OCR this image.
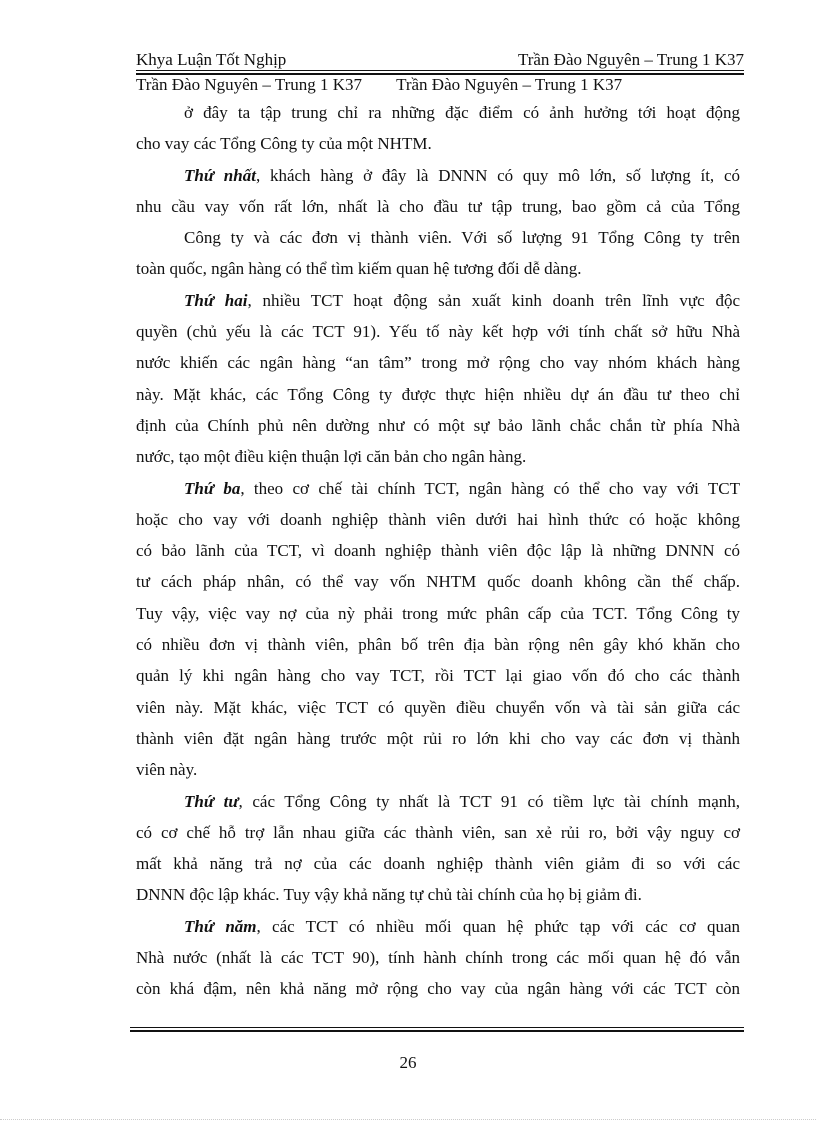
Khya Luận Tốt Nghịp	Trần Đào Nguyên – Trung 1 K37
Trần Đào Nguyên – Trung 1 K37 Trần Đào Nguyên – Trung 1 K37
ở đây ta tập trung chỉ ra những đặc điểm có ảnh hưởng tới hoạt động
cho vay các Tổng Công ty của một NHTM.
Thứ nhất, khách hàng ở đây là DNNN có quy mô lớn, số lượng ít, có
nhu cầu vay vốn rất lớn, nhất là cho đầu tư tập trung, bao gồm cả của Tổng
Công ty và các đơn vị thành viên. Với số lượng 91 Tổng Công ty trên
toàn quốc, ngân hàng có thể tìm kiếm quan hệ tương đối dễ dàng.
Thứ hai, nhiều TCT hoạt động sản xuất kinh doanh trên lĩnh vực độc
quyền (chủ yếu là các TCT 91). Yếu tố này kết hợp với tính chất sở hữu Nhà
nước khiến các ngân hàng “an tâm” trong mở rộng cho vay nhóm khách hàng
này. Mặt khác, các Tổng Công ty được thực hiện nhiều dự án đầu tư theo chỉ
định của Chính phủ nên dường như có một sự bảo lãnh chắc chắn từ phía Nhà
nước, tạo một điều kiện thuận lợi căn bản cho ngân hàng.
Thứ ba, theo cơ chế tài chính TCT, ngân hàng có thể cho vay với TCT
hoặc cho vay với doanh nghiệp thành viên dưới hai hình thức có hoặc không
có bảo lãnh của TCT, vì doanh nghiệp thành viên độc lập là những DNNN có
tư cách pháp nhân, có thể vay vốn NHTM quốc doanh không cần thế chấp.
Tuy vậy, việc vay nợ của nỳ phải trong mức phân cấp của TCT. Tổng Công ty
có nhiều đơn vị thành viên, phân bố trên địa bàn rộng nên gây khó khăn cho
quản lý khi ngân hàng cho vay TCT, rồi TCT lại giao vốn đó cho các thành
viên này. Mặt khác, việc TCT có quyền điều chuyển vốn và tài sản giữa các
thành viên đặt ngân hàng trước một rủi ro lớn khi cho vay các đơn vị thành
viên này.
Thứ tư, các Tổng Công ty nhất là TCT 91 có tiềm lực tài chính mạnh,
có cơ chế hỗ trợ lẫn nhau giữa các thành viên, san xẻ rủi ro, bởi vậy nguy cơ
mất khả năng trả nợ của các doanh nghiệp thành viên giảm đi so với các
DNNN độc lập khác. Tuy vậy khả năng tự chủ tài chính của họ bị giảm đi.
Thứ năm, các TCT có nhiều mối quan hệ phức tạp với các cơ quan
Nhà nước (nhất là các TCT 90), tính hành chính trong các mối quan hệ đó vẫn
còn khá đậm, nên khả năng mở rộng cho vay của ngân hàng với các TCT còn
26
